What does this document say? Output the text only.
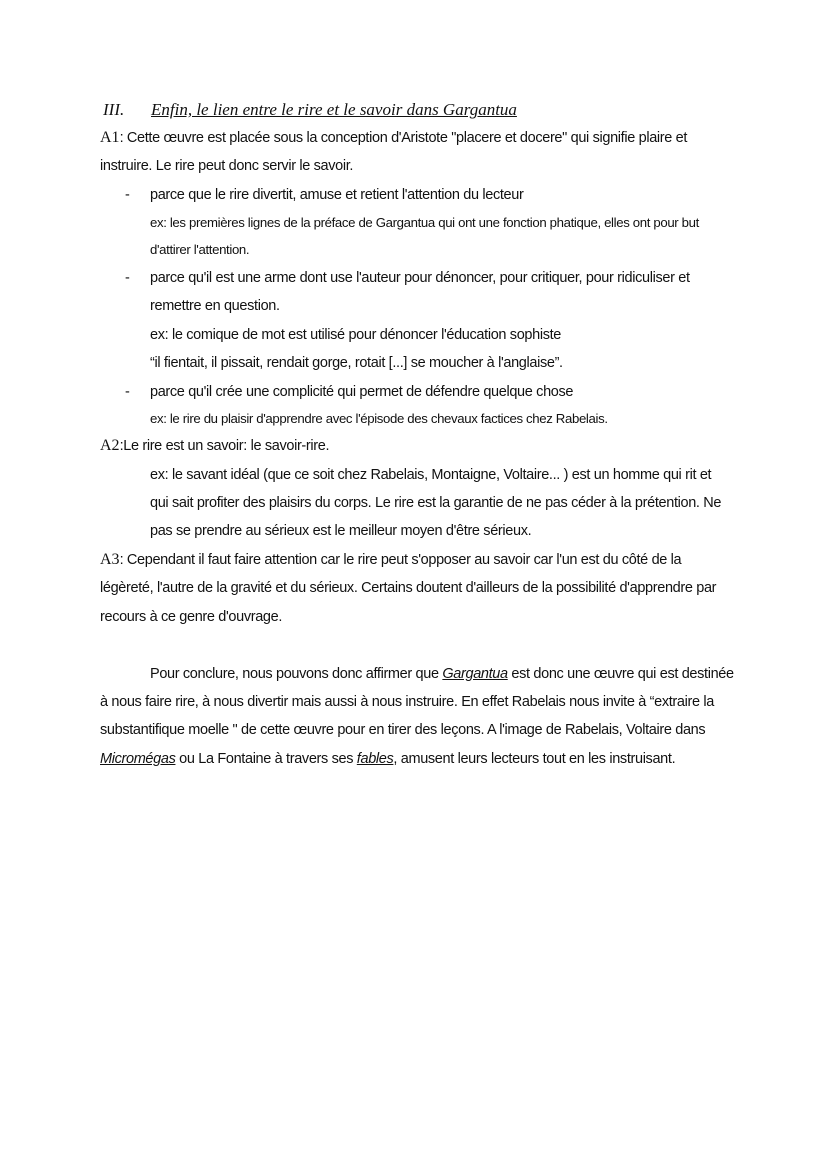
III. Enfin, le lien entre le rire et le savoir dans Gargantua
A1: Cette œuvre est placée sous la conception d'Aristote "placere et docere" qui signifie plaire et
instruire. Le rire peut donc servir le savoir.
- parce que le rire divertit, amuse et retient l'attention du lecteur
ex: les premières lignes de la préface de Gargantua qui ont une fonction phatique, elles ont pour but
d'attirer l'attention.
- parce qu'il est une arme dont use l'auteur pour dénoncer, pour critiquer, pour ridiculiser et
remettre en question.
ex: le comique de mot est utilisé pour dénoncer l'éducation sophiste
“il fientait, il pissait, rendait gorge, rotait [...] se moucher à l'anglaise”.
- parce qu'il crée une complicité qui permet de défendre quelque chose
ex: le rire du plaisir d'apprendre avec l'épisode des chevaux factices chez Rabelais.
A2:Le rire est un savoir: le savoir-rire.
ex: le savant idéal (que ce soit chez Rabelais, Montaigne, Voltaire... ) est un homme qui rit et
qui sait profiter des plaisirs du corps. Le rire est la garantie de ne pas céder à la prétention. Ne
pas se prendre au sérieux est le meilleur moyen d'être sérieux.
A3: Cependant il faut faire attention car le rire peut s'opposer au savoir car l'un est du côté de la
légèreté, l'autre de la gravité et du sérieux. Certains doutent d'ailleurs de la possibilité d'apprendre par
recours à ce genre d'ouvrage.
Pour conclure, nous pouvons donc affirmer que Gargantua est donc une œuvre qui est destinée
à nous faire rire, à nous divertir mais aussi à nous instruire. En effet Rabelais nous invite à “extraire la
substantifique moelle " de cette œuvre pour en tirer des leçons. A l'image de Rabelais, Voltaire dans
Micromégas ou La Fontaine à travers ses fables, amusent leurs lecteurs tout en les instruisant.
